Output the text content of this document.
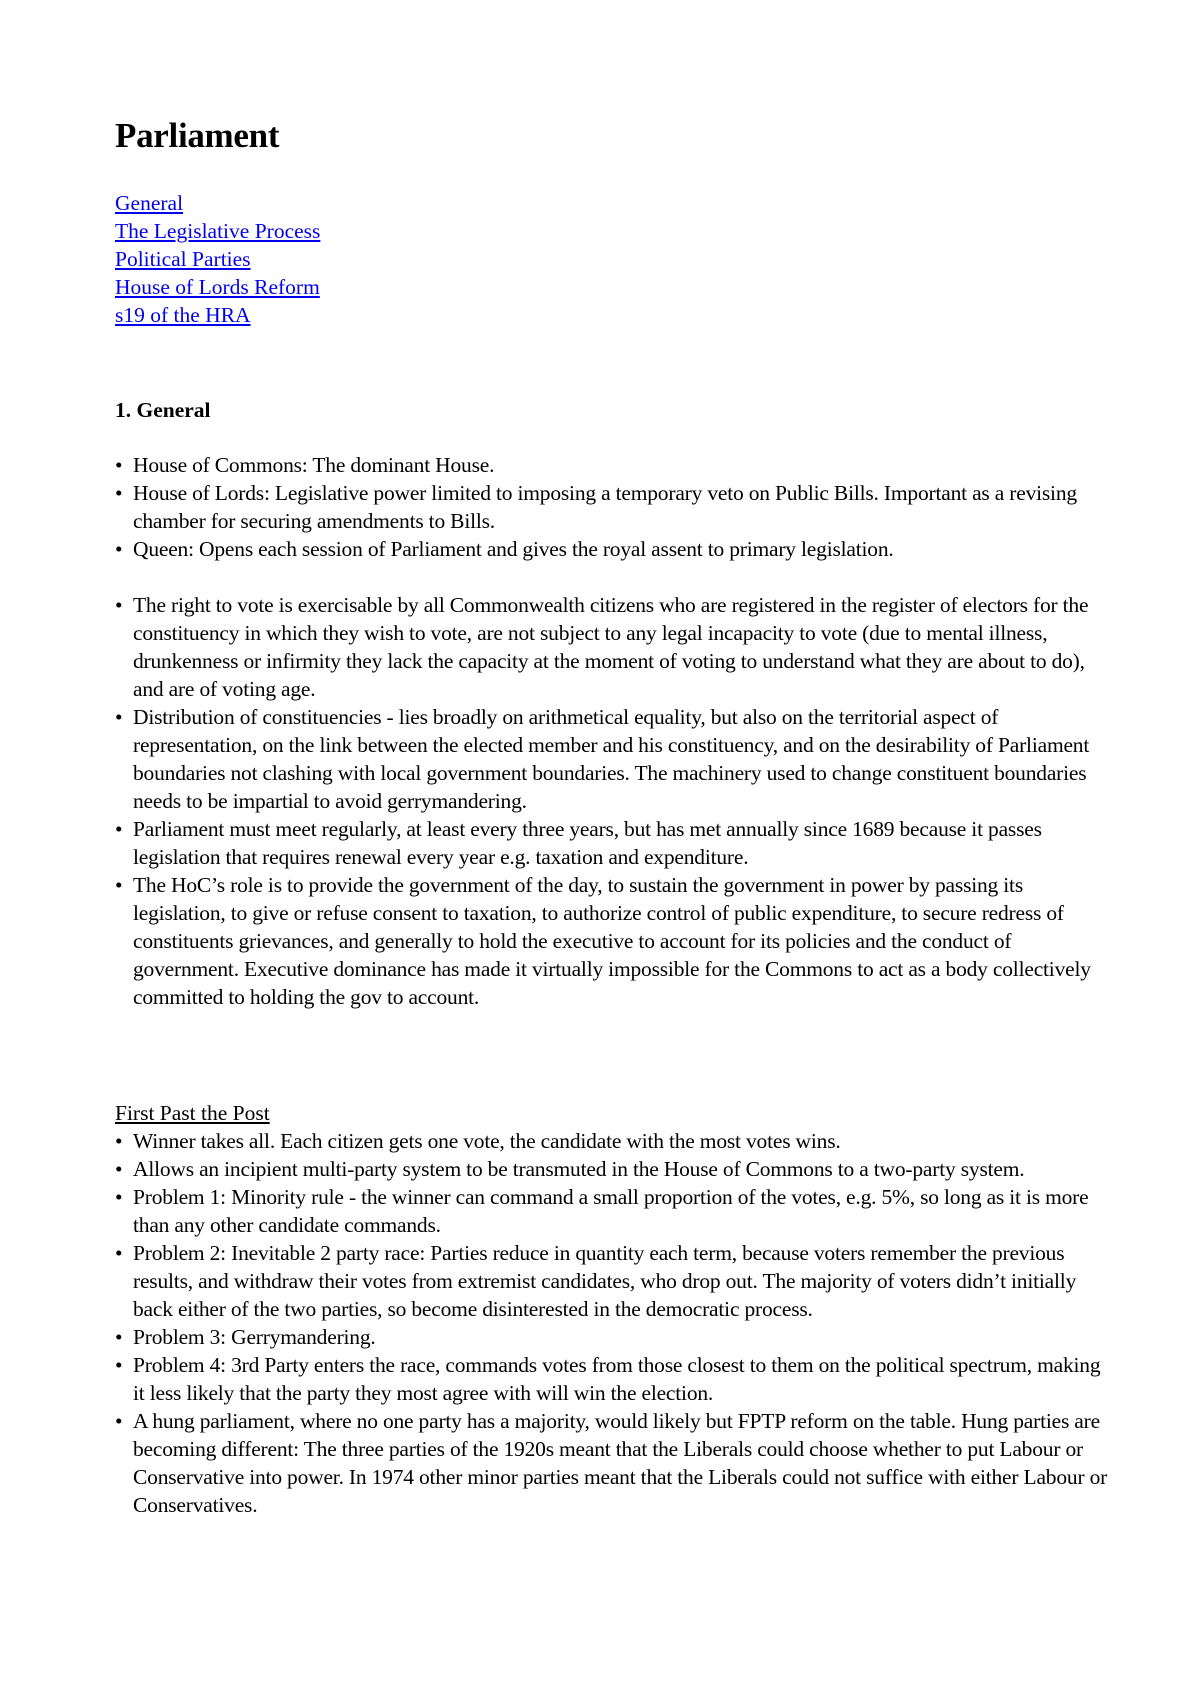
Parliament
General
The Legislative Process
Political Parties
House of Lords Reform
s19 of the HRA
1. General
• House of Commons: The dominant House.
• House of Lords: Legislative power limited to imposing a temporary veto on Public Bills. Important as a revising chamber for securing amendments to Bills.
• Queen: Opens each session of Parliament and gives the royal assent to primary legislation.
• The right to vote is exercisable by all Commonwealth citizens who are registered in the register of electors for the constituency in which they wish to vote, are not subject to any legal incapacity to vote (due to mental illness, drunkenness or infirmity they lack the capacity at the moment of voting to understand what they are about to do), and are of voting age.
• Distribution of constituencies - lies broadly on arithmetical equality, but also on the territorial aspect of representation, on the link between the elected member and his constituency, and on the desirability of Parliament boundaries not clashing with local government boundaries. The machinery used to change constituent boundaries needs to be impartial to avoid gerrymandering.
• Parliament must meet regularly, at least every three years, but has met annually since 1689 because it passes legislation that requires renewal every year e.g. taxation and expenditure.
• The HoC’s role is to provide the government of the day, to sustain the government in power by passing its legislation, to give or refuse consent to taxation, to authorize control of public expenditure, to secure redress of constituents grievances, and generally to hold the executive to account for its policies and the conduct of government. Executive dominance has made it virtually impossible for the Commons to act as a body collectively committed to holding the gov to account.
First Past the Post
• Winner takes all. Each citizen gets one vote, the candidate with the most votes wins.
• Allows an incipient multi-party system to be transmuted in the House of Commons to a two-party system.
• Problem 1: Minority rule - the winner can command a small proportion of the votes, e.g. 5%, so long as it is more than any other candidate commands.
• Problem 2: Inevitable 2 party race: Parties reduce in quantity each term, because voters remember the previous results, and withdraw their votes from extremist candidates, who drop out. The majority of voters didn’t initially back either of the two parties, so become disinterested in the democratic process.
• Problem 3: Gerrymandering.
• Problem 4: 3rd Party enters the race, commands votes from those closest to them on the political spectrum, making it less likely that the party they most agree with will win the election.
• A hung parliament, where no one party has a majority, would likely but FPTP reform on the table. Hung parties are becoming different: The three parties of the 1920s meant that the Liberals could choose whether to put Labour or Conservative into power. In 1974 other minor parties meant that the Liberals could not suffice with either Labour or Conservatives.
